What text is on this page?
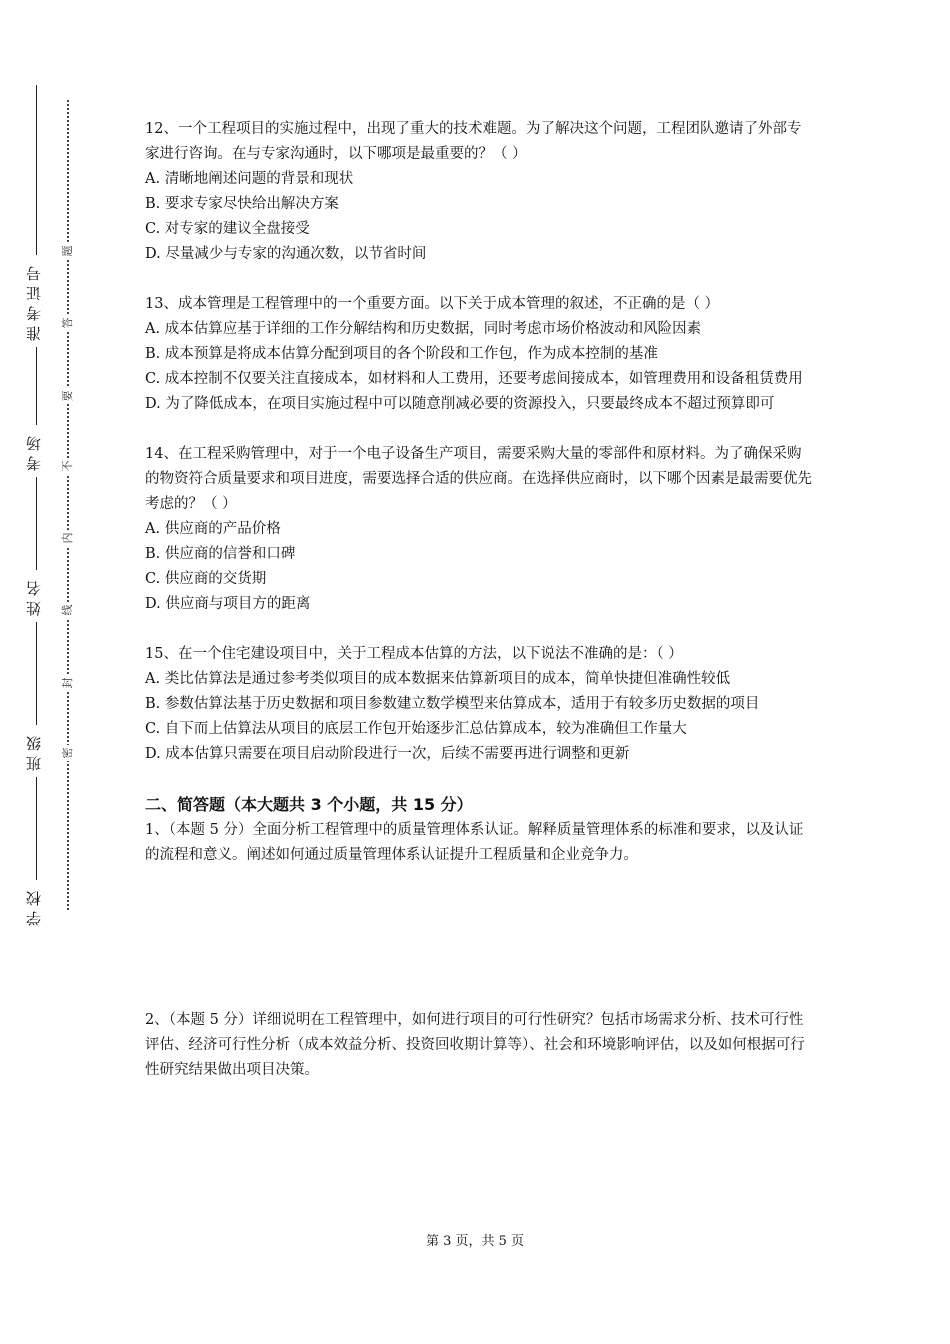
准考证号
考场
姓名
班级
学校
题
答
要
不
内
线
封
密

12、一个工程项目的实施过程中，出现了重大的技术难题。为了解决这个问题，工程团队邀请了外部专家进行咨询。在与专家沟通时，以下哪项是最重要的？（ ）

A. 清晰地阐述问题的背景和现状
B. 要求专家尽快给出解决方案
C. 对专家的建议全盘接受
D. 尽量减少与专家的沟通次数，以节省时间

13、成本管理是工程管理中的一个重要方面。以下关于成本管理的叙述，不正确的是（ ）

A. 成本估算应基于详细的工作分解结构和历史数据，同时考虑市场价格波动和风险因素
B. 成本预算是将成本估算分配到项目的各个阶段和工作包，作为成本控制的基准
C. 成本控制不仅要关注直接成本，如材料和人工费用，还要考虑间接成本，如管理费用和设备租赁费用
D. 为了降低成本，在项目实施过程中可以随意削减必要的资源投入，只要最终成本不超过预算即可

14、在工程采购管理中，对于一个电子设备生产项目，需要采购大量的零部件和原材料。为了确保采购的物资符合质量要求和项目进度，需要选择合适的供应商。在选择供应商时，以下哪个因素是最需要优先考虑的？（ ）

A. 供应商的产品价格
B. 供应商的信誉和口碑
C. 供应商的交货期
D. 供应商与项目方的距离

15、在一个住宅建设项目中，关于工程成本估算的方法，以下说法不准确的是：（ ）

A. 类比估算法是通过参考类似项目的成本数据来估算新项目的成本，简单快捷但准确性较低
B. 参数估算法基于历史数据和项目参数建立数学模型来估算成本，适用于有较多历史数据的项目
C. 自下而上估算法从项目的底层工作包开始逐步汇总估算成本，较为准确但工作量大
D. 成本估算只需要在项目启动阶段进行一次，后续不需要再进行调整和更新
二、简答题（本大题共 3 个小题，共 15 分）

1、（本题 5 分）全面分析工程管理中的质量管理体系认证。解释质量管理体系的标准和要求，以及认证的流程和意义。阐述如何通过质量管理体系认证提升工程质量和企业竞争力。

2、（本题 5 分）详细说明在工程管理中，如何进行项目的可行性研究？包括市场需求分析、技术可行性评估、经济可行性分析（成本效益分析、投资回收期计算等）、社会和环境影响评估，以及如何根据可行性研究结果做出项目决策。

第 3 页，共 5 页
